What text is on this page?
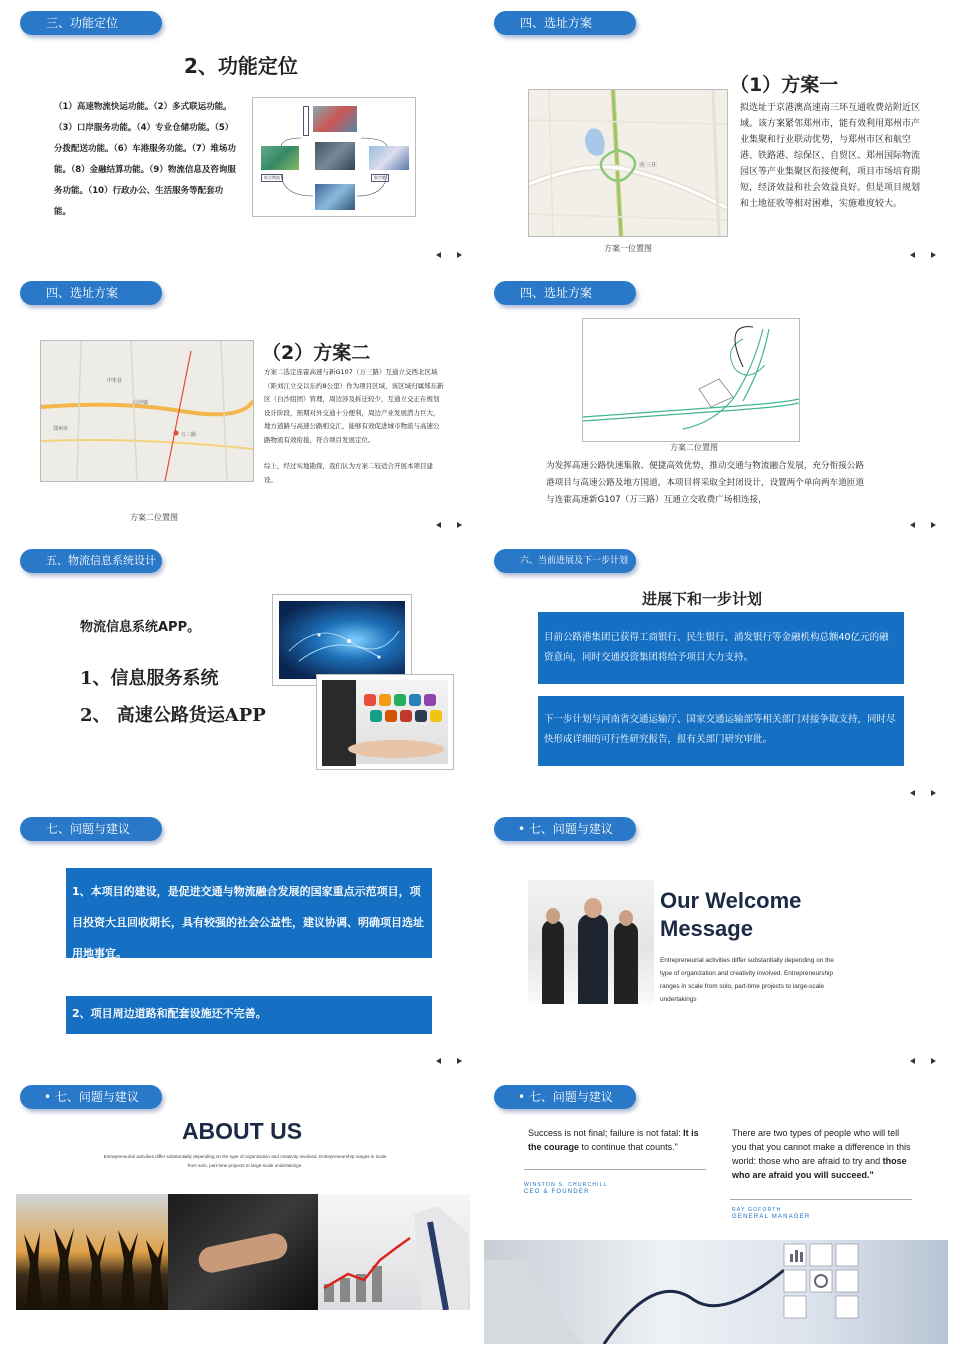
三、功能定位
2、功能定位
（1）高速物流快运功能。（2）多式联运功能。（3）口岸服务功能。（4）专业仓储功能。（5）分拨配送功能。（6）车港服务功能。（7）堆场功能。（8）金融结算功能。（9）物流信息及咨询服务功能。（10）行政办公、生活服务等配套功能。
综合物流	航空港
四、选址方案
（1）方案一
南三环
方案一位置图
拟选址于京港澳高速南三环互通收费站附近区域。该方案紧邻郑州市，能有效利用郑州市产业集聚和行业联动优势，与郑州市区和航空港、铁路港、综保区、自贸区、郑州国际物流园区等产业集聚区衔接便利，项目市场培育期短，经济效益和社会效益良好。但是项目规划和土地征收等相对困难，实施难度较大。
四、选址方案
中牟县
白沙镇
郑州市
万三路
方案二位置图
（2）方案二
方案二选定连霍高速与新G107（万三路）互通立交西北区域（距刘江立交以东约8公里）作为项目区域，该区域归属郑东新区（白沙组团）管理，周边涉及拆迁较少，互通立交正在规划设计阶段，预期对外交通十分便利，周边产业发展潜力巨大，地方道路与高速公路相交汇，能够有效促进城市物流与高速公路物流有效衔接，符合项目发展定位。
综上，经过实地勘探，我们认为方案二较适合开展本项目建设。
四、选址方案
方案二位置图
为发挥高速公路快速集散、便捷高效优势，推动交通与物流融合发展，充分衔接公路港项目与高速公路及地方国道，本项目将采取全封闭设计，设置两个单向两车道匝道与连霍高速新G107（万三路）互通立交收费广场相连接，
五、物流信息系统设计
物流信息系统APP。
1、信息服务系统
2、 高速公路货运APP
六、当前进展及下一步计划
进展下和一步计划
目前公路港集团已获得工商银行、民生银行、浦发银行等金融机构总额40亿元的融资意向，同时交通投资集团将给予项目大力支持。
下一步计划与河南省交通运输厅、国家交通运输部等相关部门对接争取支持，同时尽快形成详细的可行性研究报告，报有关部门研究审批。
七、问题与建议
1、本项目的建设，是促进交通与物流融合发展的国家重点示范项目，项目投资大且回收期长，具有较强的社会公益性，建议协调、明确项目选址用地事宜。
2、项目周边道路和配套设施还不完善。
• 七、问题与建议
Our Welcome
Message
Entrepreneurial activities differ substantially depending on the type of organization and creativity involved. Entrepreneurship ranges in scale from solo, part-time projects to large-scale undertakings
• 七、问题与建议
ABOUT US
Entrepreneurial activities differ substantially depending on the type of organization and creativity involved. Entrepreneurship ranges in scale from solo, part-time projects to large-scale undertakings.
• 七、问题与建议
Success is not final; failure is not fatal: It is the courage to continue that counts."
WINSTON S. CHURCHILL
CEO & FOUNDER
There are two types of people who will tell you that you cannot make a difference in this world: those who are afraid to try and those who are afraid you will succeed."
RAY GOFORTH
GENERAL MANAGER
